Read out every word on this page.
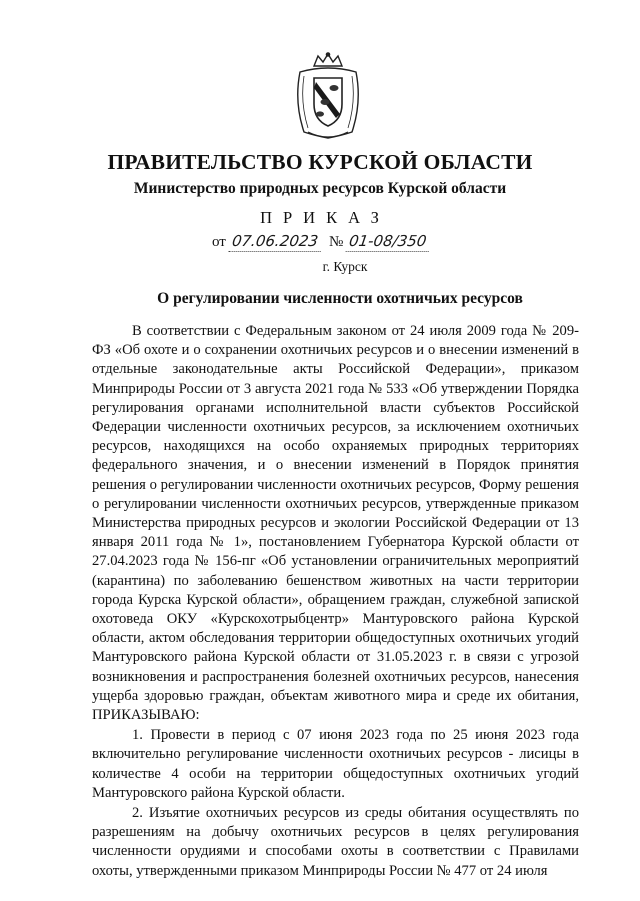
ПРАВИТЕЛЬСТВО КУРСКОЙ ОБЛАСТИ
Министерство природных ресурсов Курской области
ПРИКАЗ
от 07.06.2023 № 01-08/350
г. Курск
О регулировании численности охотничьих ресурсов

В соответствии с Федеральным законом от 24 июля 2009 года № 209-ФЗ «Об охоте и о сохранении охотничьих ресурсов и о внесении изменений в отдельные законодательные акты Российской Федерации», приказом Минприроды России от 3 августа 2021 года № 533 «Об утверждении Порядка регулирования органами исполнительной власти субъектов Российской Федерации численности охотничьих ресурсов, за исключением охотничьих ресурсов, находящихся на особо охраняемых природных территориях федерального значения, и о внесении изменений в Порядок принятия решения о регулировании численности охотничьих ресурсов, Форму решения о регулировании численности охотничьих ресурсов, утвержденные приказом Министерства природных ресурсов и экологии Российской Федерации от 13 января 2011 года № 1», постановлением Губернатора Курской области от 27.04.2023 года № 156-пг «Об установлении ограничительных мероприятий (карантина) по заболеванию бешенством животных на части территории города Курска Курской области», обращением граждан, служебной запиской охотоведа ОКУ «Курскохотрыбцентр» Мантуровского района Курской области, актом обследования территории общедоступных охотничьих угодий Мантуровского района Курской области от 31.05.2023 г. в связи с угрозой возникновения и распространения болезней охотничьих ресурсов, нанесения ущерба здоровью граждан, объектам животного мира и среде их обитания, ПРИКАЗЫВАЮ:

1. Провести в период с 07 июня 2023 года по 25 июня 2023 года включительно регулирование численности охотничьих ресурсов - лисицы в количестве 4 особи на территории общедоступных охотничьих угодий Мантуровского района Курской области.

2. Изъятие охотничьих ресурсов из среды обитания осуществлять по разрешениям на добычу охотничьих ресурсов в целях регулирования численности орудиями и способами охоты в соответствии с Правилами охоты, утвержденными приказом Минприроды России № 477 от 24 июля
